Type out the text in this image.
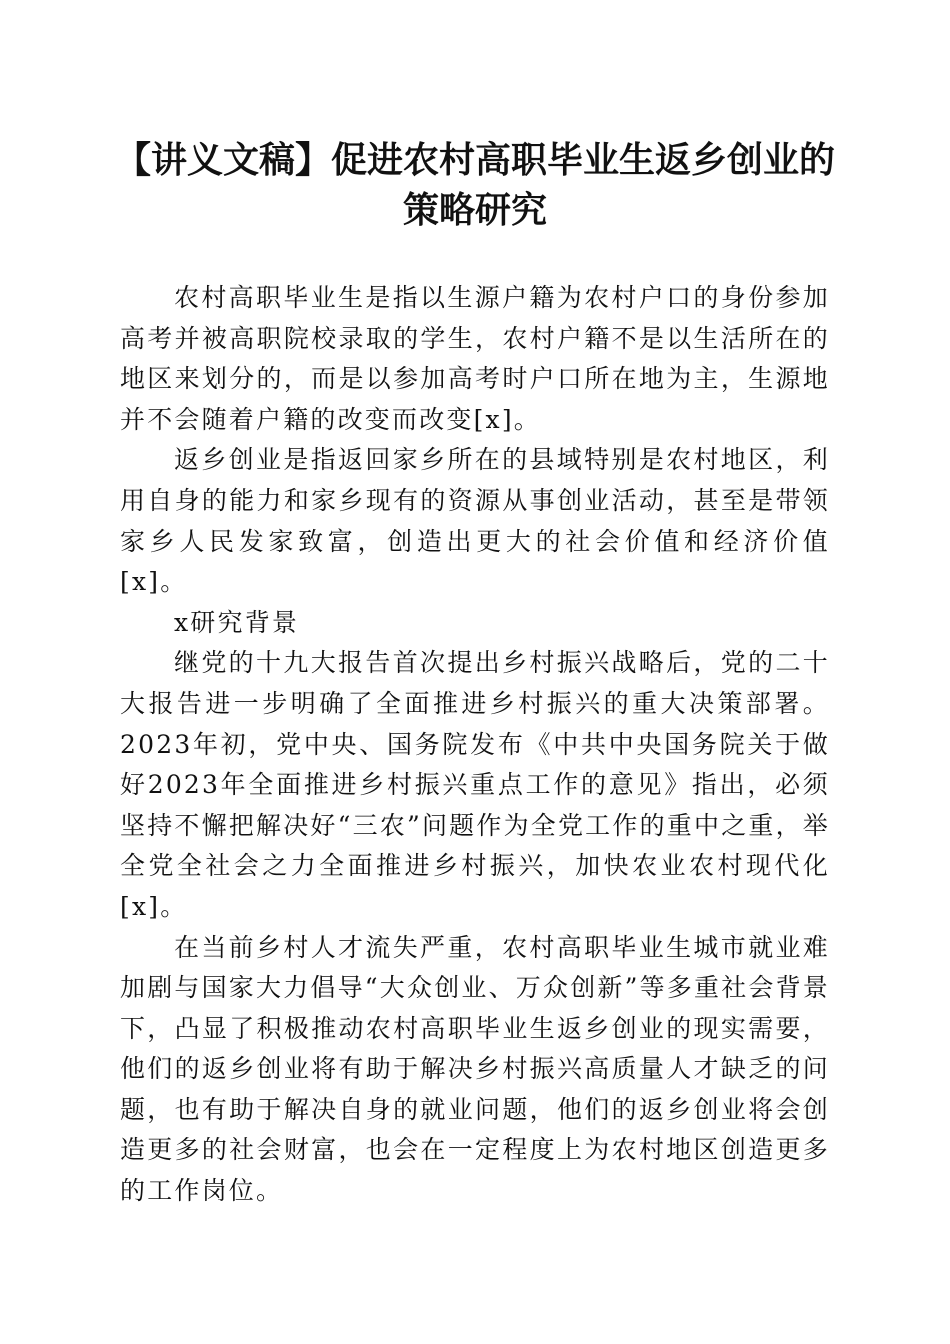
【讲义文稿】促进农村高职毕业生返乡创业的
策略研究

农村高职毕业生是指以生源户籍为农村户口的身份参加高考并被高职院校录取的学生，农村户籍不是以生活所在的地区来划分的，而是以参加高考时户口所在地为主，生源地并不会随着户籍的改变而改变[x]。

返乡创业是指返回家乡所在的县域特别是农村地区，利用自身的能力和家乡现有的资源从事创业活动，甚至是带领家乡人民发家致富，创造出更大的社会价值和经济价值[x]。

x研究背景

继党的十九大报告首次提出乡村振兴战略后，党的二十大报告进一步明确了全面推进乡村振兴的重大决策部署。2023年初，党中央、国务院发布《中共中央国务院关于做好2023年全面推进乡村振兴重点工作的意见》指出，必须坚持不懈把解决好“三农”问题作为全党工作的重中之重，举全党全社会之力全面推进乡村振兴，加快农业农村现代化[x]。

在当前乡村人才流失严重，农村高职毕业生城市就业难加剧与国家大力倡导“大众创业、万众创新”等多重社会背景下，凸显了积极推动农村高职毕业生返乡创业的现实需要，他们的返乡创业将有助于解决乡村振兴高质量人才缺乏的问题，也有助于解决自身的就业问题，他们的返乡创业将会创造更多的社会财富，也会在一定程度上为农村地区创造更多的工作岗位。
